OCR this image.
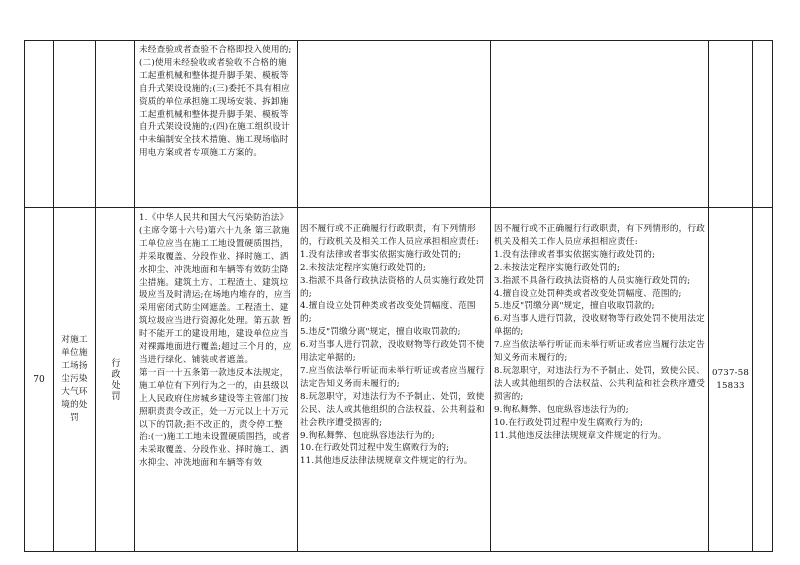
未经查验或者查验不合格即投入使用的;(二)使用未经验收或者验收不合格的施工起重机械和整体提升脚手架、模板等自升式架设设施的;(三)委托不具有相应资质的单位承担施工现场安装、拆卸施工起重机械和整体提升脚手架、模板等自升式架设设施的;(四)在施工组织设计中未编制安全技术措施、施工现场临时用电方案或者专项施工方案的。
70
对施工单位施工场扬尘污染大气环境的处罚
行政处罚
1.《中华人民共和国大气污染防治法》(主席令第十六号)第六十九条 第三款施工单位应当在施工工地设置硬质围挡，并采取覆盖、分段作业、择时施工、洒水抑尘、冲洗地面和车辆等有效防尘降尘措施。建筑土方、工程渣土、建筑垃圾应当及时清运;在场地内堆存的，应当采用密闭式防尘网遮盖。工程渣土、建筑垃圾应当进行资源化处理。第五款 暂时不能开工的建设用地，建设单位应当对裸露地面进行覆盖;超过三个月的，应当进行绿化、铺装或者遮盖。
第一百一十五条第一款违反本法规定，施工单位有下列行为之一的，由县级以上人民政府住房城乡建设等主管部门按照职责责令改正，处一万元以上十万元以下的罚款;拒不改正的，责令停工整治:(一)施工工地未设置硬质围挡，或者未采取覆盖、分段作业、择时施工、洒水抑尘、冲洗地面和车辆等有效
因不履行或不正确履行行政职责，有下列情形的，行政机关及相关工作人员应承担相应责任:
1.没有法律或者事实依据实施行政处罚的;
2.未按法定程序实施行政处罚的;
3.指派不具备行政执法资格的人员实施行政处罚的;
4.擅自设立处罚种类或者改变处罚幅度、范围的;
5.违反"罚缴分离"规定，擅自收取罚款的;
6.对当事人进行罚款，没收财物等行政处罚不使用法定单据的;
7.应当依法举行听证而未举行听证或者应当履行法定告知义务而未履行的;
8.玩忽职守，对违法行为不予制止、处罚，致使公民、法人或其他组织的合法权益、公共利益和社会秩序遭受损害的;
9.徇私舞弊、包庇纵容违法行为的;
10.在行政处罚过程中发生腐败行为的;
11.其他违反法律法规规章文件规定的行为。
因不履行或不正确履行行政职责，有下列情形的，行政机关及相关工作人员应承担相应责任:
1.没有法律或者事实依据实施行政处罚的;
2.未按法定程序实施行政处罚的;
3.指派不具备行政执法资格的人员实施行政处罚的;
4.擅自设立处罚种类或者改变处罚幅度、范围的;
5.违反"罚缴分离"规定，擅自收取罚款的;
6.对当事人进行罚款，没收财物等行政处罚不使用法定单据的;
7.应当依法举行听证而未举行听证或者应当履行法定告知义务而未履行的;
8.玩忽职守，对违法行为不予制止、处罚，致使公民、法人或其他组织的合法权益、公共利益和社会秩序遭受损害的;
9.徇私舞弊、包庇纵容违法行为的;
10.在行政处罚过程中发生腐败行为的;
11.其他违反法律法规规章文件规定的行为。
0737-58
15833
